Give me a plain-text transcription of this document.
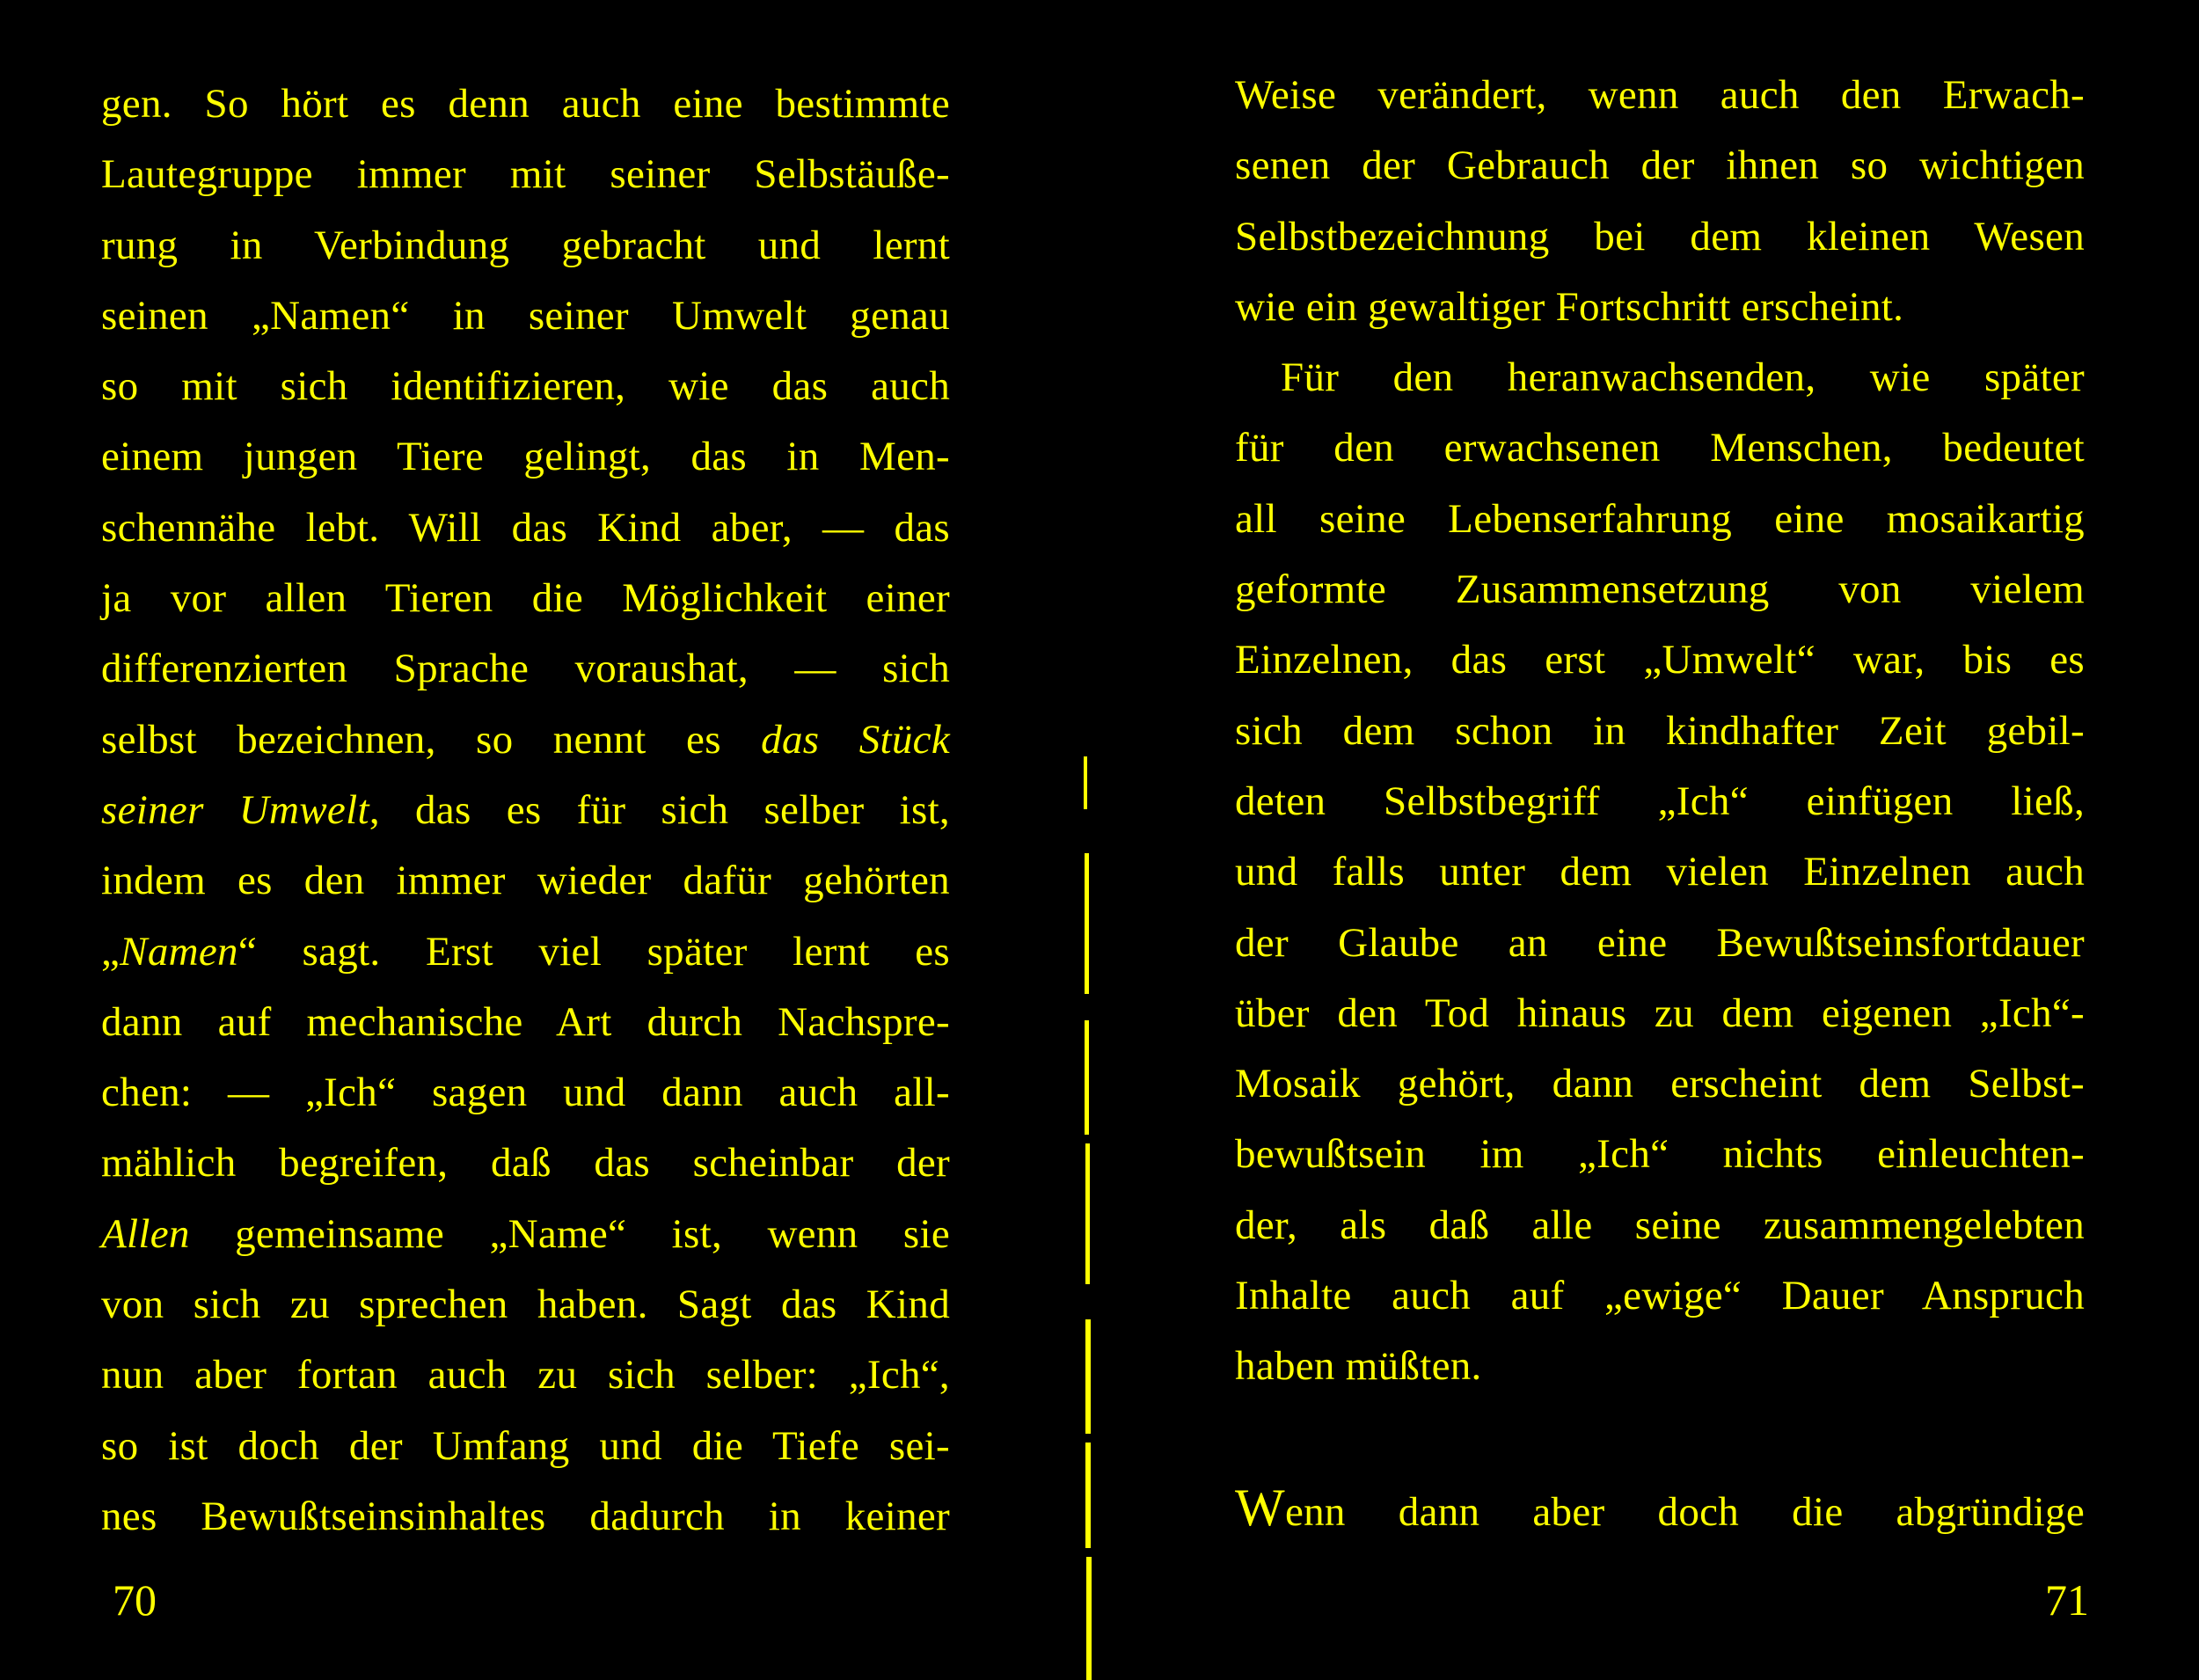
gen. So hört es denn auch eine bestimmte
Lautegruppe immer mit seiner Selbstäuße-
rung in Verbindung gebracht und lernt
seinen „Namen“ in seiner Umwelt genau
so mit sich identifizieren, wie das auch
einem jungen Tiere gelingt, das in Men-
schennähe lebt. Will das Kind aber, — das
ja vor allen Tieren die Möglichkeit einer
differenzierten Sprache voraushat, — sich
selbst bezeichnen, so nennt es das Stück
seiner Umwelt, das es für sich selber ist,
indem es den immer wieder dafür gehörten
„Namen“ sagt. Erst viel später lernt es
dann auf mechanische Art durch Nachspre-
chen: — „Ich“ sagen und dann auch all-
mählich begreifen, daß das scheinbar der
Allen gemeinsame „Name“ ist, wenn sie
von sich zu sprechen haben. Sagt das Kind
nun aber fortan auch zu sich selber: „Ich“,
so ist doch der Umfang und die Tiefe sei-
nes Bewußtseinsinhaltes dadurch in keiner
70
Weise verändert, wenn auch den Erwach-
senen der Gebrauch der ihnen so wichtigen
Selbstbezeichnung bei dem kleinen Wesen
wie ein gewaltiger Fortschritt erscheint.
Für den heranwachsenden, wie später
für den erwachsenen Menschen, bedeutet
all seine Lebenserfahrung eine mosaikartig
geformte Zusammensetzung von vielem
Einzelnen, das erst „Umwelt“ war, bis es
sich dem schon in kindhafter Zeit gebil-
deten Selbstbegriff „Ich“ einfügen ließ,
und falls unter dem vielen Einzelnen auch
der Glaube an eine Bewußtseinsfortdauer
über den Tod hinaus zu dem eigenen „Ich“-
Mosaik gehört, dann erscheint dem Selbst-
bewußtsein im „Ich“ nichts einleuchten-
der, als daß alle seine zusammengelebten
Inhalte auch auf „ewige“ Dauer Anspruch
haben müßten.
Wenn dann aber doch die abgründige
71
